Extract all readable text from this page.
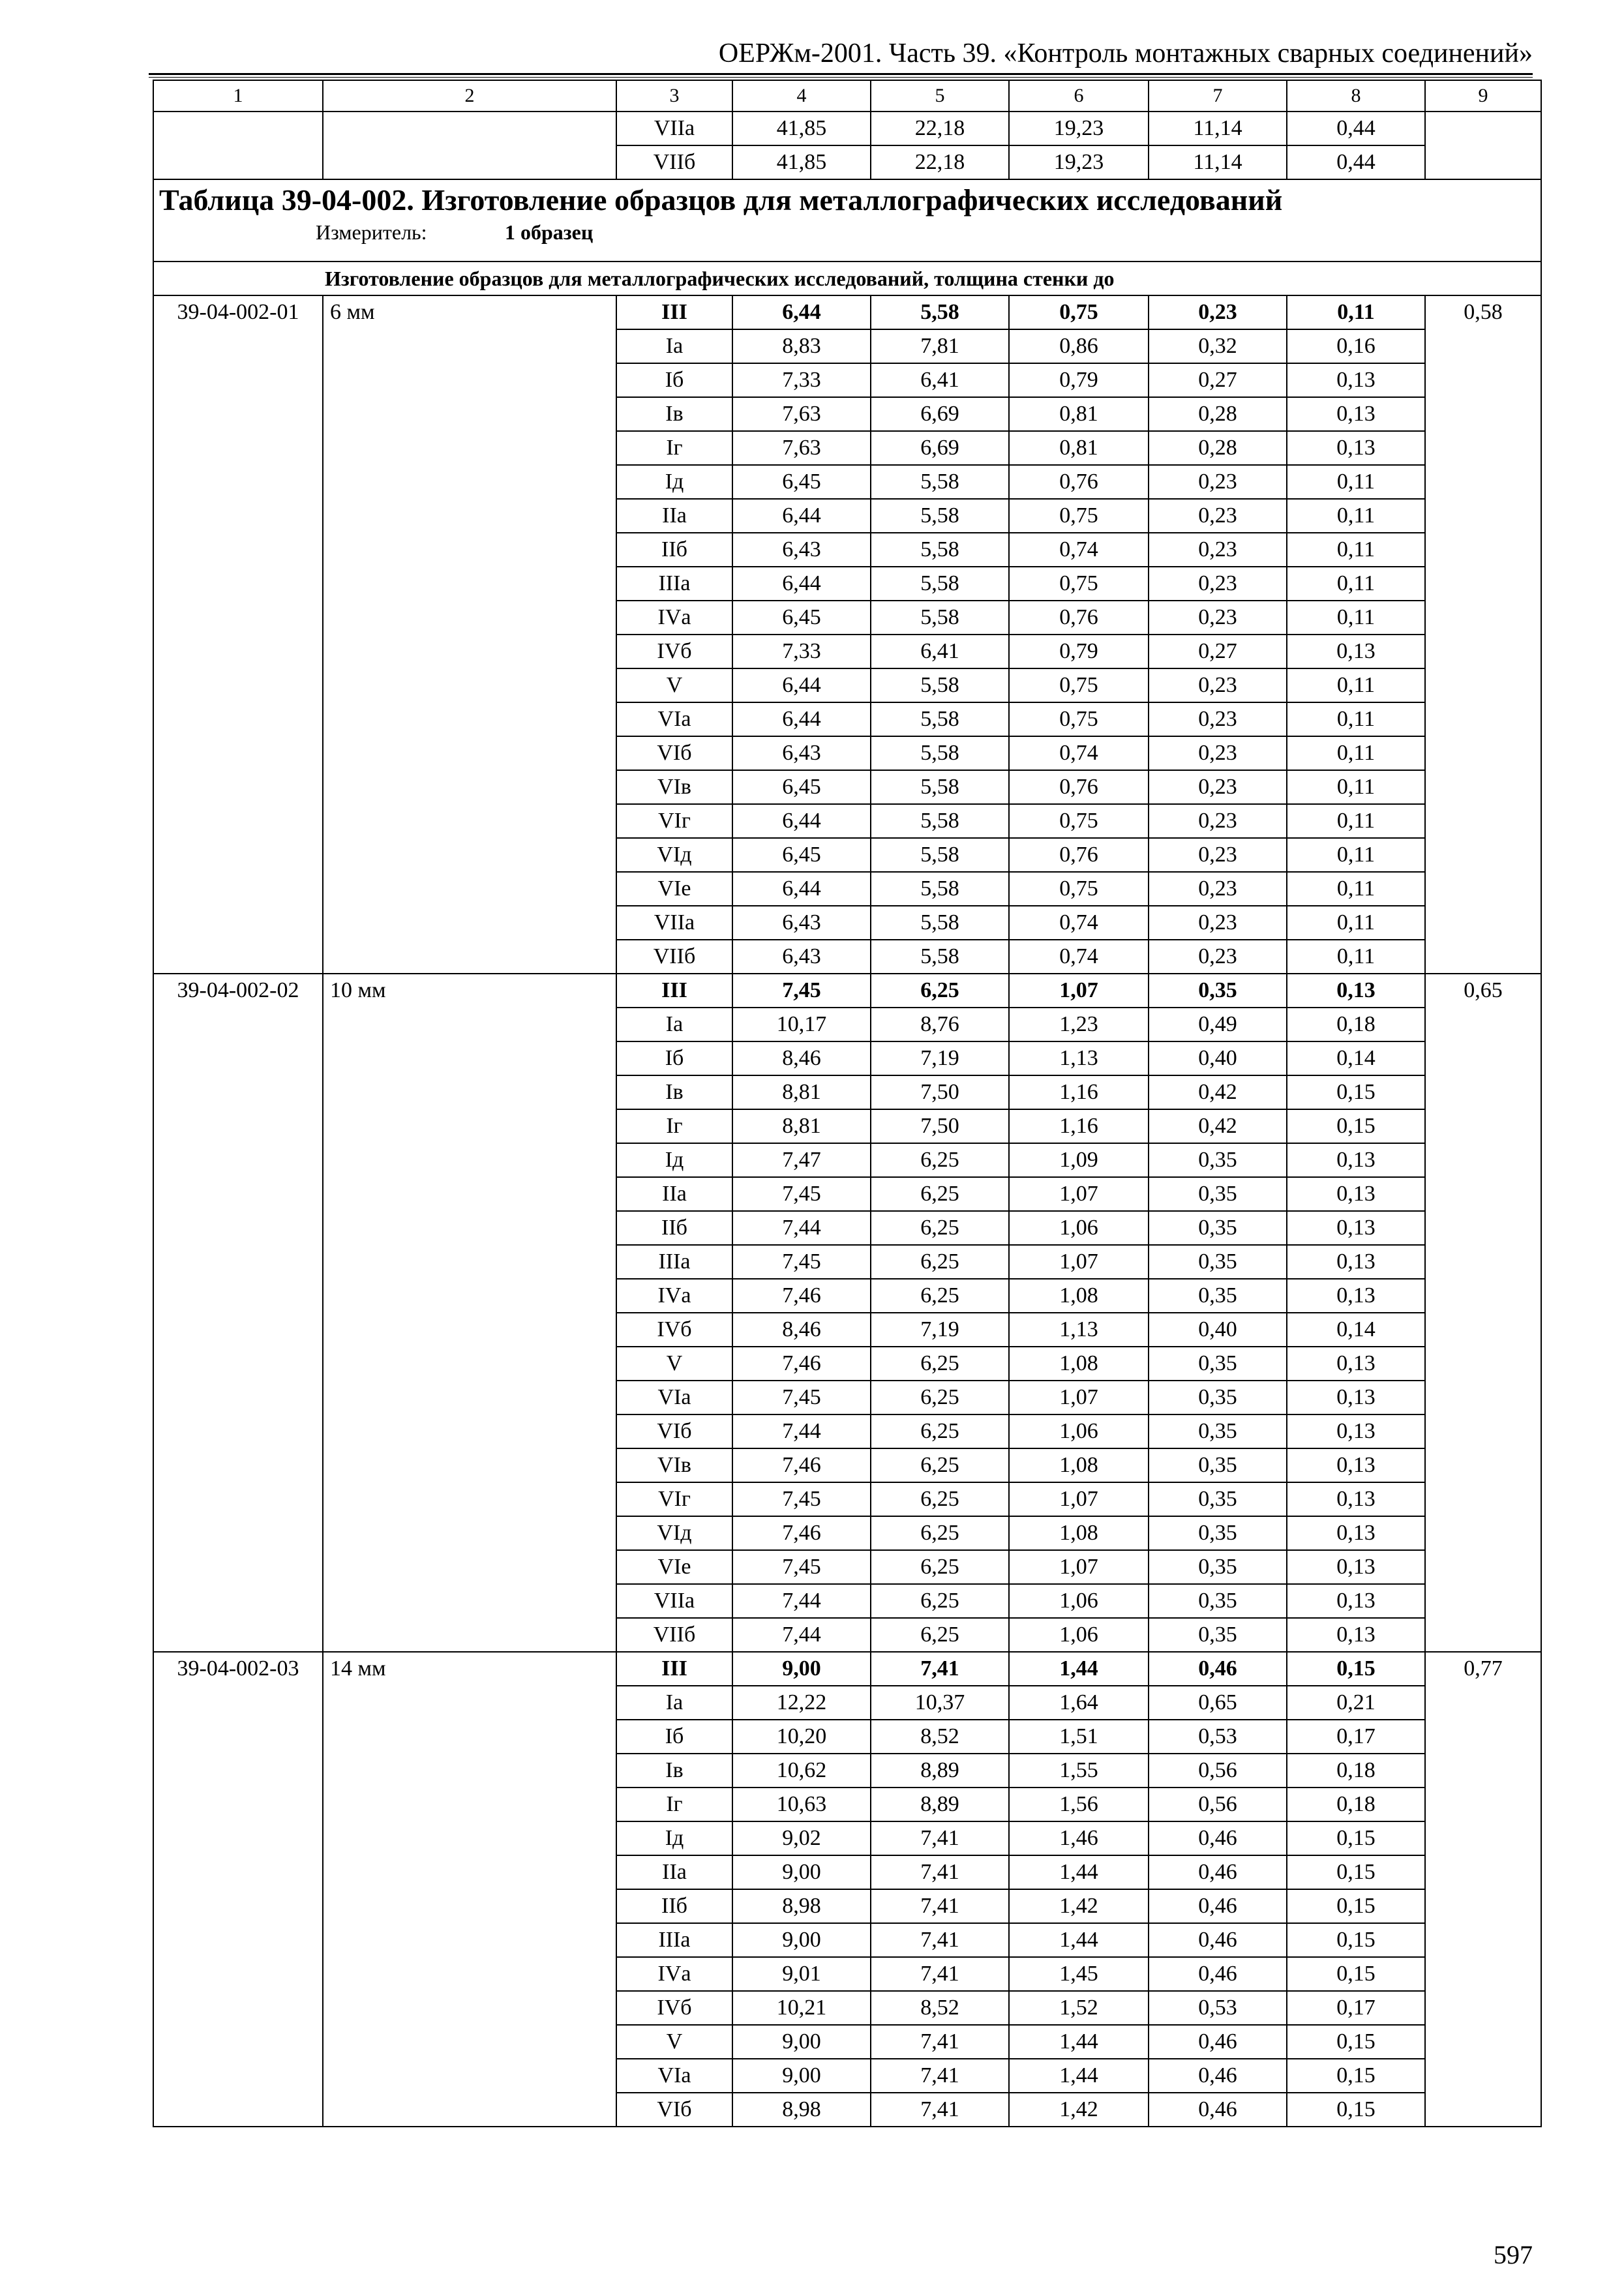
ОЕРЖм-2001. Часть 39. «Контроль монтажных сварных соединений»
1	2	3	4	5	6	7	8	9
		VIIа	41,85	22,18	19,23	11,14	0,44	
		VIIб	41,85	22,18	19,23	11,14	0,44	

Таблица 39-04-002. Изготовление образцов для металлографических исследований
Измеритель: 1 образец								

Изготовление образцов для металлографических исследований, толщина стенки до								
39-04-002-01	6 мм	III	6,44	5,58	0,75	0,23	0,11	0,58
		Iа	8,83	7,81	0,86	0,32	0,16	
		Iб	7,33	6,41	0,79	0,27	0,13	
		Iв	7,63	6,69	0,81	0,28	0,13	
		Iг	7,63	6,69	0,81	0,28	0,13	
		Iд	6,45	5,58	0,76	0,23	0,11	
		IIа	6,44	5,58	0,75	0,23	0,11	
		IIб	6,43	5,58	0,74	0,23	0,11	
		IIIа	6,44	5,58	0,75	0,23	0,11	
		IVа	6,45	5,58	0,76	0,23	0,11	
		IVб	7,33	6,41	0,79	0,27	0,13	
		V	6,44	5,58	0,75	0,23	0,11	
		VIа	6,44	5,58	0,75	0,23	0,11	
		VIб	6,43	5,58	0,74	0,23	0,11	
		VIв	6,45	5,58	0,76	0,23	0,11	
		VIг	6,44	5,58	0,75	0,23	0,11	
		VIд	6,45	5,58	0,76	0,23	0,11	
		VIе	6,44	5,58	0,75	0,23	0,11	
		VIIа	6,43	5,58	0,74	0,23	0,11	
		VIIб	6,43	5,58	0,74	0,23	0,11	
39-04-002-02	10 мм	III	7,45	6,25	1,07	0,35	0,13	0,65
		Iа	10,17	8,76	1,23	0,49	0,18	
		Iб	8,46	7,19	1,13	0,40	0,14	
		Iв	8,81	7,50	1,16	0,42	0,15	
		Iг	8,81	7,50	1,16	0,42	0,15	
		Iд	7,47	6,25	1,09	0,35	0,13	
		IIа	7,45	6,25	1,07	0,35	0,13	
		IIб	7,44	6,25	1,06	0,35	0,13	
		IIIа	7,45	6,25	1,07	0,35	0,13	
		IVа	7,46	6,25	1,08	0,35	0,13	
		IVб	8,46	7,19	1,13	0,40	0,14	
		V	7,46	6,25	1,08	0,35	0,13	
		VIа	7,45	6,25	1,07	0,35	0,13	
		VIб	7,44	6,25	1,06	0,35	0,13	
		VIв	7,46	6,25	1,08	0,35	0,13	
		VIг	7,45	6,25	1,07	0,35	0,13	
		VIд	7,46	6,25	1,08	0,35	0,13	
		VIе	7,45	6,25	1,07	0,35	0,13	
		VIIа	7,44	6,25	1,06	0,35	0,13	
		VIIб	7,44	6,25	1,06	0,35	0,13	
39-04-002-03	14 мм	III	9,00	7,41	1,44	0,46	0,15	0,77
		Iа	12,22	10,37	1,64	0,65	0,21	
		Iб	10,20	8,52	1,51	0,53	0,17	
		Iв	10,62	8,89	1,55	0,56	0,18	
		Iг	10,63	8,89	1,56	0,56	0,18	
		Iд	9,02	7,41	1,46	0,46	0,15	
		IIа	9,00	7,41	1,44	0,46	0,15	
		IIб	8,98	7,41	1,42	0,46	0,15	
		IIIа	9,00	7,41	1,44	0,46	0,15	
		IVа	9,01	7,41	1,45	0,46	0,15	
		IVб	10,21	8,52	1,52	0,53	0,17	
		V	9,00	7,41	1,44	0,46	0,15	
		VIа	9,00	7,41	1,44	0,46	0,15	
		VIб	8,98	7,41	1,42	0,46	0,15	
597
